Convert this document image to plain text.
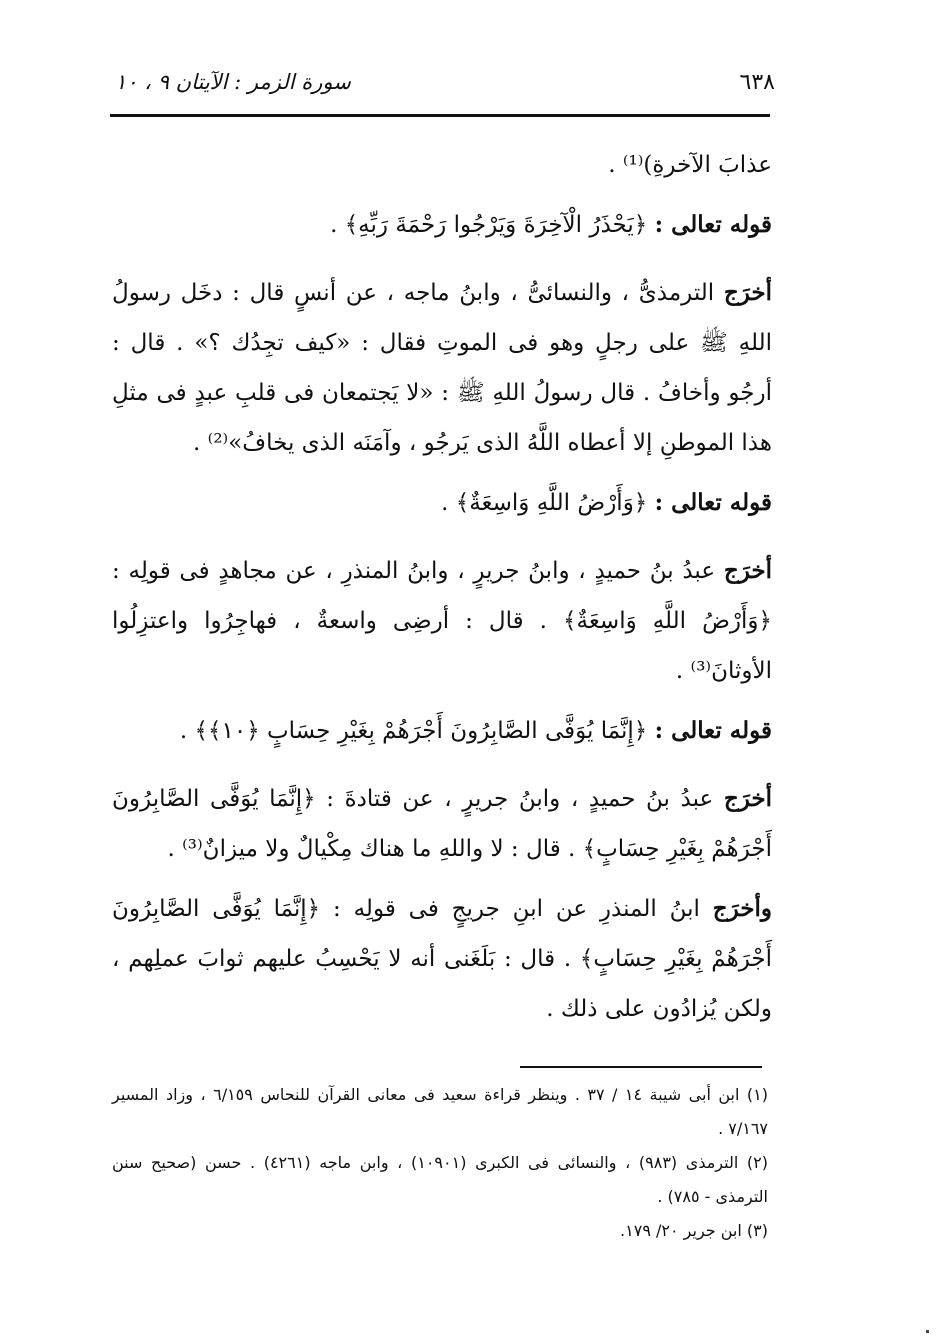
٦٣٨
سورة الزمر : الآيتان ٩ ، ١٠

عذابَ الآخرةِ)⁽¹⁾ .

قوله تعالى : ﴿يَحْذَرُ الْآخِرَةَ وَيَرْجُوا رَحْمَةَ رَبِّهِ﴾ .

أخرَج الترمذىُّ ، والنسائىُّ ، وابنُ ماجه ، عن أنسٍ قال : دخَل رسولُ اللهِ ﷺ على رجلٍ وهو فى الموتِ فقال : «كيف تجِدُك ؟» . قال : أرجُو وأخافُ . قال رسولُ اللهِ ﷺ : «لا يَجتمعان فى قلبِ عبدٍ فى مثلِ هذا الموطنِ إلا أعطاه اللَّهُ الذى يَرجُو ، وآمَنَه الذى يخافُ»⁽²⁾ .

قوله تعالى : ﴿وَأَرْضُ اللَّهِ وَاسِعَةٌ﴾ .

أخرَج عبدُ بنُ حميدٍ ، وابنُ جريرٍ ، وابنُ المنذرِ ، عن مجاهدٍ فى قولِه : ﴿وَأَرْضُ اللَّهِ وَاسِعَةٌ﴾ . قال : أرضِى واسعةٌ ، فهاجِرُوا واعتزِلُوا الأوثانَ⁽³⁾ .

قوله تعالى : ﴿إِنَّمَا يُوَفَّى الصَّابِرُونَ أَجْرَهُمْ بِغَيْرِ حِسَابٍ ﴿١٠﴾﴾ .

أخرَج عبدُ بنُ حميدٍ ، وابنُ جريرٍ ، عن قتادةَ : ﴿إِنَّمَا يُوَفَّى الصَّابِرُونَ أَجْرَهُمْ بِغَيْرِ حِسَابٍ﴾ . قال : لا واللهِ ما هناك مِكْيالٌ ولا ميزانٌ⁽³⁾ .

وأخرَج ابنُ المنذرِ عن ابنِ جريجٍ فى قولِه : ﴿إِنَّمَا يُوَفَّى الصَّابِرُونَ أَجْرَهُمْ بِغَيْرِ حِسَابٍ﴾ . قال : بَلَغَنى أنه لا يَحْسِبُ عليهم ثوابَ عملِهم ، ولكن يُزادُون على ذلك .

(١) ابن أبى شيبة ١٤ / ٣٧ . وينظر قراءة سعيد فى معانى القرآن للنحاس ٦/١٥٩ ، وزاد المسير ٧/١٦٧ .

(٢) الترمذى (٩٨٣) ، والنسائى فى الكبرى (١٠٩٠١) ، وابن ماجه (٤٢٦١) . حسن (صحيح سنن الترمذى - ٧٨٥) .

(٣) ابن جرير ٢٠/ ١٧٩.
